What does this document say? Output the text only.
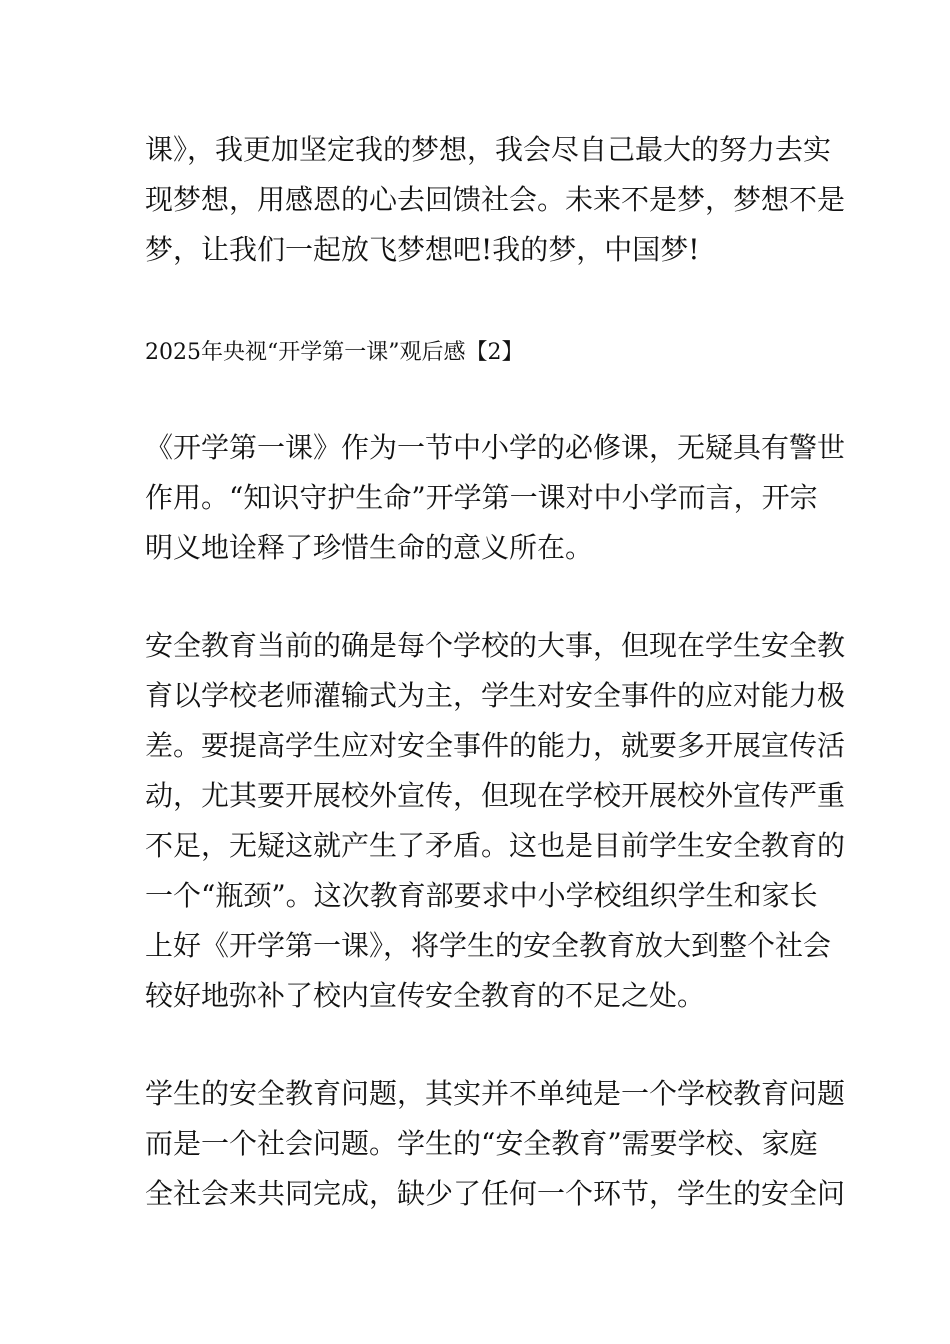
课》，我更加坚定我的梦想，我会尽自己最大的努力去实
现梦想，用感恩的心去回馈社会。未来不是梦，梦想不是
梦，让我们一起放飞梦想吧!我的梦，中国梦!
2025年央视“开学第一课”观后感【2】
《开学第一课》作为一节中小学的必修课，无疑具有警世
作用。“知识守护生命”开学第一课对中小学而言，开宗
明义地诠释了珍惜生命的意义所在。
安全教育当前的确是每个学校的大事，但现在学生安全教
育以学校老师灌输式为主，学生对安全事件的应对能力极
差。要提高学生应对安全事件的能力，就要多开展宣传活
动，尤其要开展校外宣传，但现在学校开展校外宣传严重
不足，无疑这就产生了矛盾。这也是目前学生安全教育的
一个“瓶颈”。这次教育部要求中小学校组织学生和家长
上好《开学第一课》，将学生的安全教育放大到整个社会
较好地弥补了校内宣传安全教育的不足之处。
学生的安全教育问题，其实并不单纯是一个学校教育问题
而是一个社会问题。学生的“安全教育”需要学校、家庭
全社会来共同完成，缺少了任何一个环节，学生的安全问
